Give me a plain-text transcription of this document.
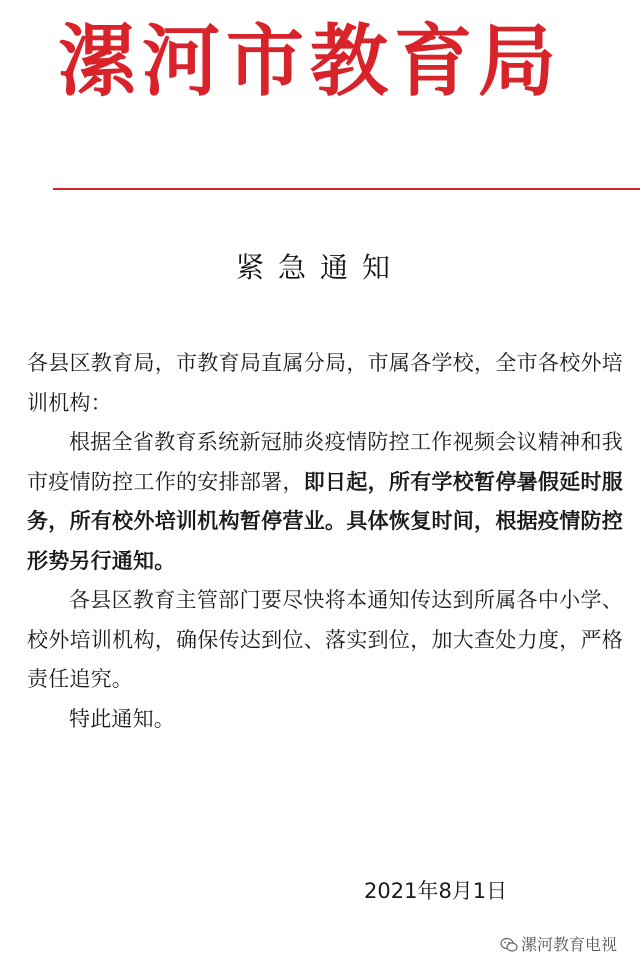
漯河市教育局
紧急通知

各县区教育局，市教育局直属分局，市属各学校，全市各校外培训机构：

根据全省教育系统新冠肺炎疫情防控工作视频会议精神和我市疫情防控工作的安排部署，即日起，所有学校暂停暑假延时服务，所有校外培训机构暂停营业。具体恢复时间，根据疫情防控形势另行通知。

各县区教育主管部门要尽快将本通知传达到所属各中小学、校外培训机构，确保传达到位、落实到位，加大查处力度，严格责任追究。

特此通知。

2021年8月1日
漯河教育电视
